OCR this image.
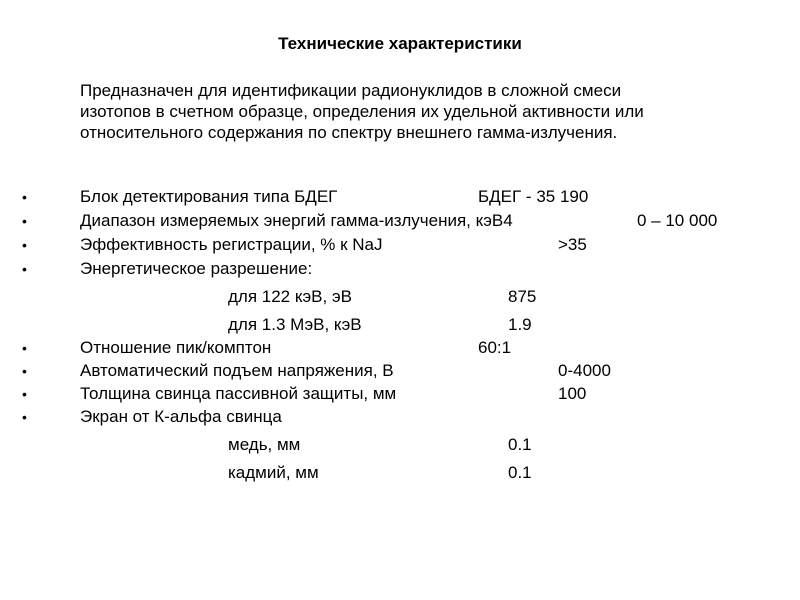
Технические характеристики
Предназначен для идентификации радионуклидов в сложной смеси
изотопов в счетном образце, определения их удельной активности или
относительного содержания по спектру внешнего гамма-излучения.
•	Блок детектирования типа БДЕГ	БДЕГ - 35 190
•	Диапазон измеряемых энергий гамма-излучения, кэВ4	0 – 10 000
•	Эффективность регистрации, % к NaJ	>35
•	Энергетическое разрешение:
для 122 кэВ, эВ	875
для 1.3 МэВ, кэВ	1.9
•	Отношение пик/комптон	60:1
•	Автоматический подъем напряжения, В	0-4000
•	Толщина свинца пассивной защиты, мм	100
•	Экран от К-альфа свинца
медь, мм	0.1
кадмий, мм	0.1
